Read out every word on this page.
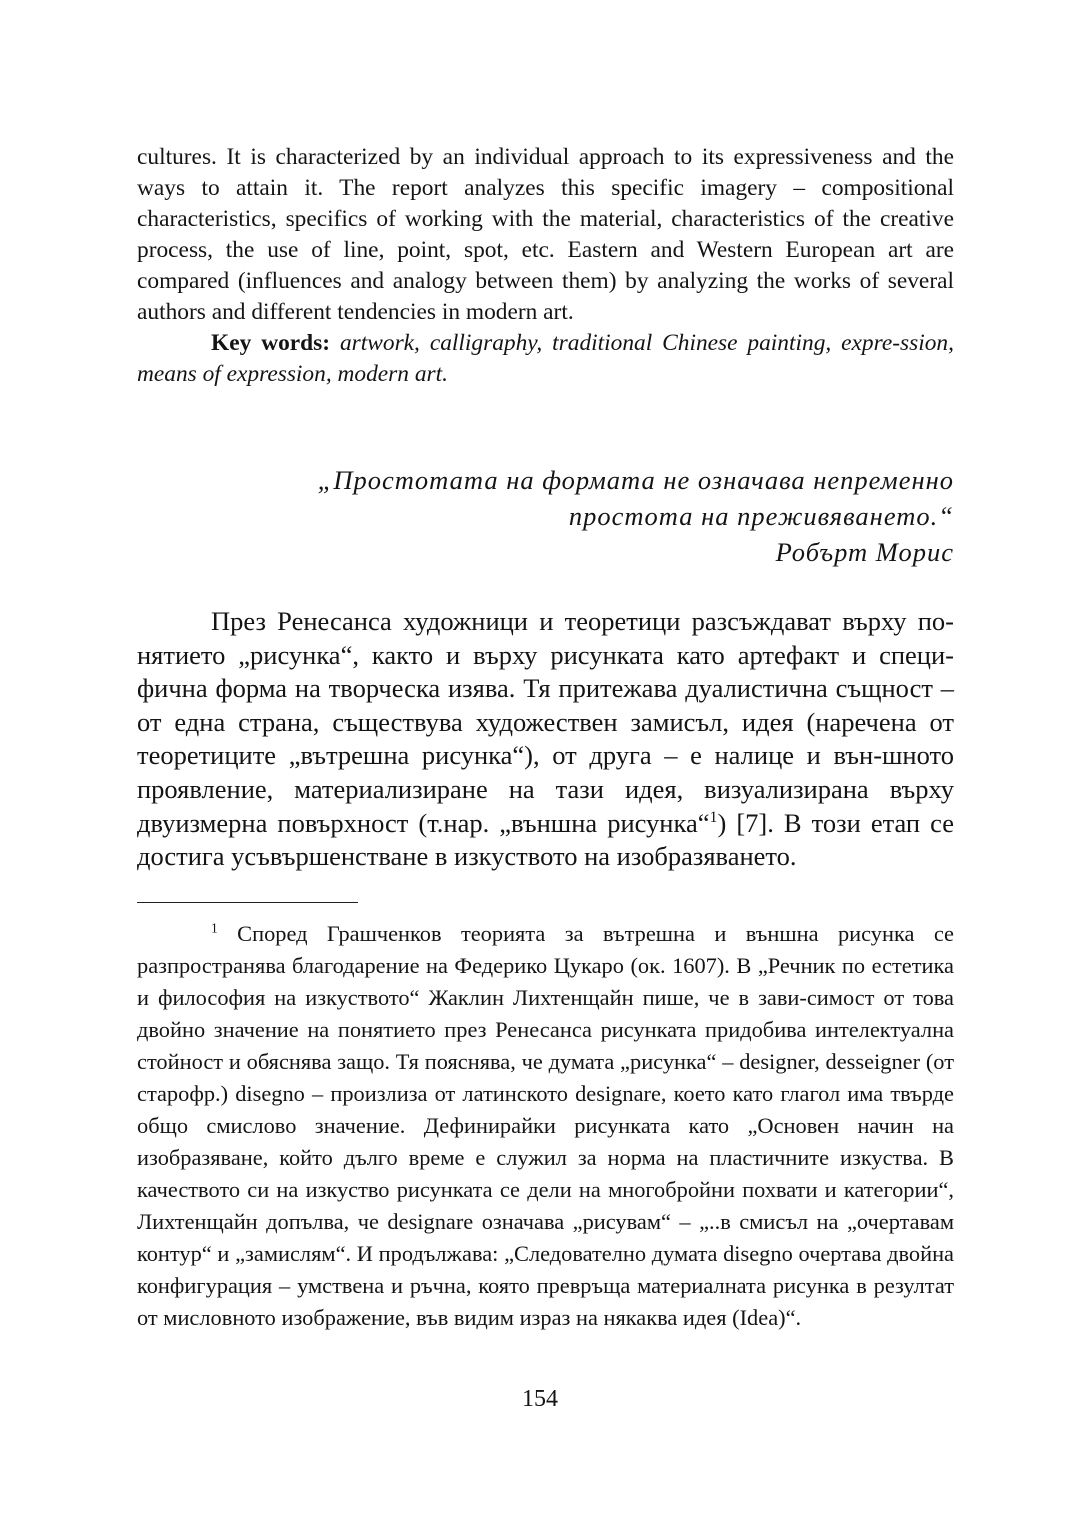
cultures. It is characterized by an individual approach to its expressiveness and the ways to attain it. The report analyzes this specific imagery – compositional characteristics, specifics of working with the material, characteristics of the creative process, the use of line, point, spot, etc. Eastern and Western European art are compared (influences and analogy between them) by analyzing the works of several authors and different tendencies in modern art.

Key words: artwork, calligraphy, traditional Chinese painting, expre-ssion, means of expression, modern art.

„Простотата на формата не означава непременно
простота на преживяването.“
Робърт Морис

През Ренесанса художници и теоретици разсъждават върху по-нятието „рисунка“, както и върху рисунката като артефакт и специ-фична форма на творческа изява. Тя притежава дуалистична същност – от една страна, съществува художествен замисъл, идея (наречена от теоретиците „вътрешна рисунка“), от друга – е налице и вън-шното проявление, материализиране на тази идея, визуализирана върху двуизмерна повърхност (т.нар. „външна рисунка“$^1$) [7]. В този етап се достига усъвършенстване в изкуството на изобразяването.

$^1$ Според Грашченков теорията за вътрешна и външна рисунка се разпространява благодарение на Федерико Цукаро (ок. 1607). В „Речник по естетика и философия на изкуството“ Жаклин Лихтенщайн пише, че в зави-симост от това двойно значение на понятието през Ренесанса рисунката придобива интелектуална стойност и обяснява защо. Тя пояснява, че думата „рисунка“ – designer, desseigner (от старофр.) disegno – произлиза от латинското designare, което като глагол има твърде общо смислово значение. Дефинирайки рисунката като „Основен начин на изобразяване, който дълго време е служил за норма на пластичните изкуства. В качеството си на изкуство рисунката се дели на многобройни похвати и категории“, Лихтенщайн допълва, че designare означава „рисувам“ – „..в смисъл на „очертавам контур“ и „замислям“. И продължава: „Следователно думата disegno очертава двойна конфигурация – умствена и ръчна, която превръща материалната рисунка в резултат от мисловното изображение, във видим израз на някаква идея (Idea)“.

154
